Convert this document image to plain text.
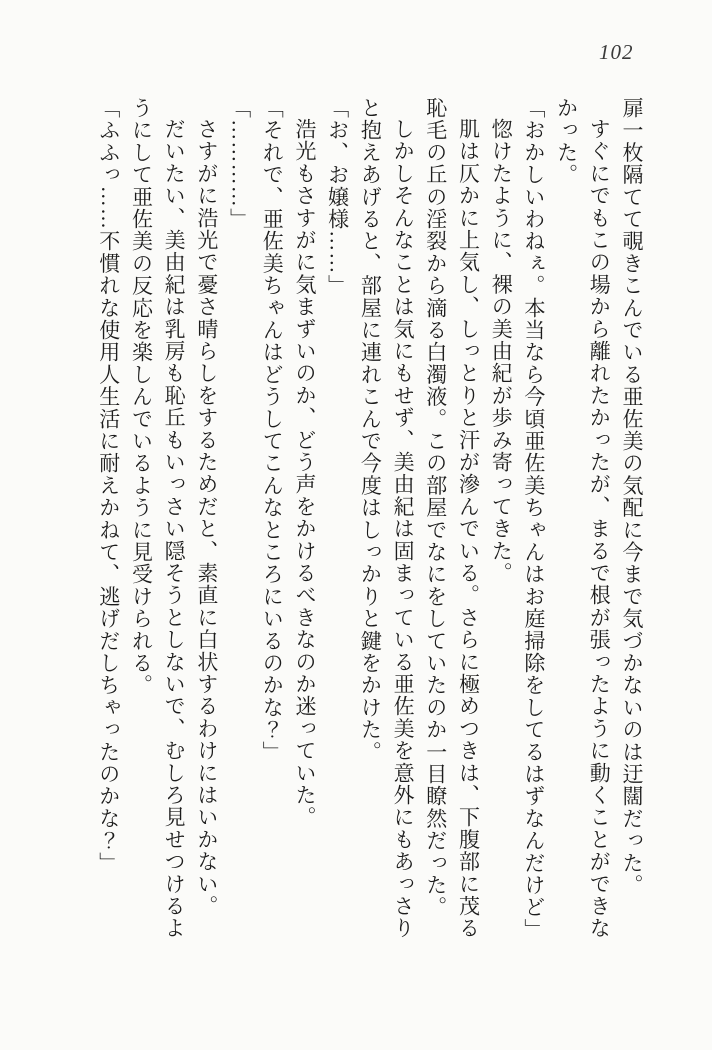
102
扉一枚隔てて覗きこんでいる亜佐美の気配に今まで気づかないのは迂闊だった。
すぐにでもこの場から離れたかったが、まるで根が張ったように動くことができな
かった。
「おかしいわねぇ。本当なら今頃亜佐美ちゃんはお庭掃除をしてるはずなんだけど」
惚けたように、裸の美由紀が歩み寄ってきた。
肌は仄かに上気し、しっとりと汗が滲んでいる。さらに極めつきは、下腹部に茂る
恥毛の丘の淫裂から滴る白濁液。この部屋でなにをしていたのか一目瞭然だった。
しかしそんなことは気にもせず、美由紀は固まっている亜佐美を意外にもあっさり
と抱えあげると、部屋に連れこんで今度はしっかりと鍵をかけた。
「お、お嬢様……」
浩光もさすがに気まずいのか、どう声をかけるべきなのか迷っていた。
「それで、亜佐美ちゃんはどうしてこんなところにいるのかな？」
「…………」
さすがに浩光で憂さ晴らしをするためだと、素直に白状するわけにはいかない。
だいたい、美由紀は乳房も恥丘もいっさい隠そうとしないで、むしろ見せつけるよ
うにして亜佐美の反応を楽しんでいるように見受けられる。
「ふふっ……不慣れな使用人生活に耐えかねて、逃げだしちゃったのかな？」
